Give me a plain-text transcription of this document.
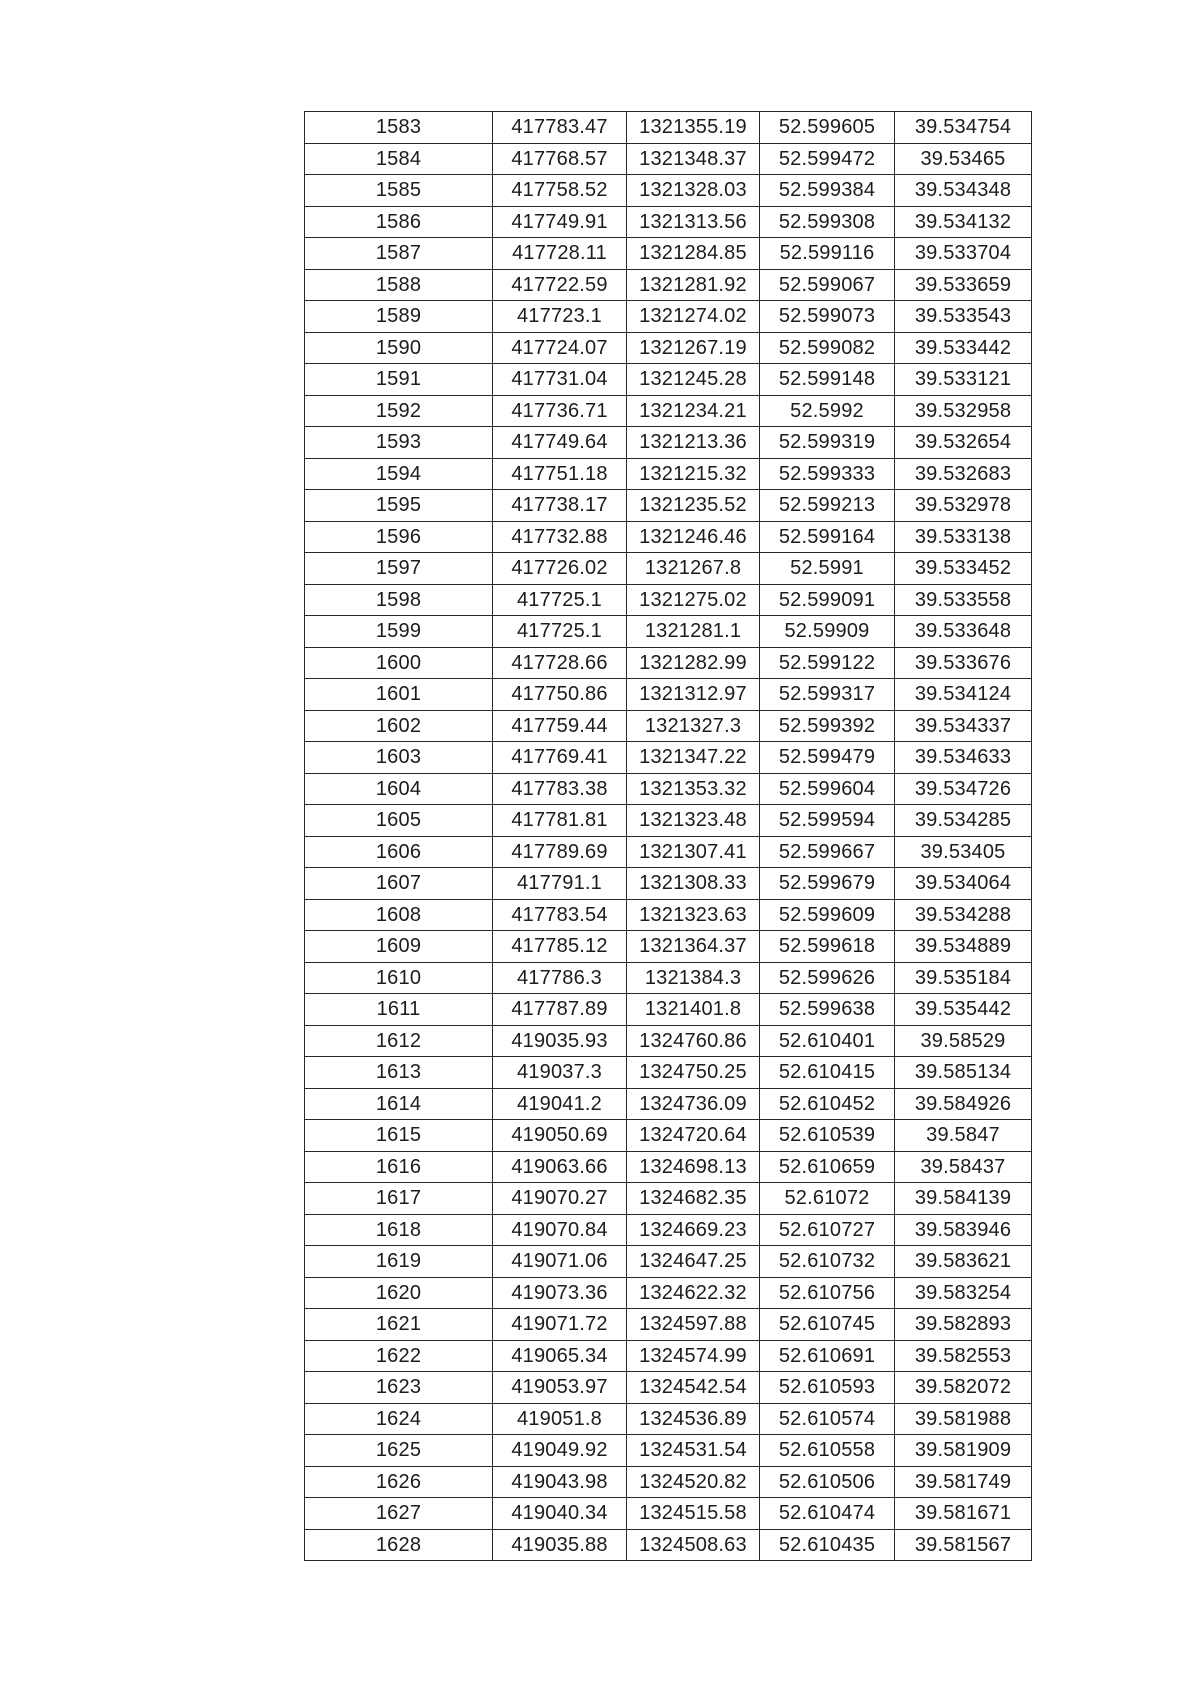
1583	417783.47	1321355.19	52.599605	39.534754
1584	417768.57	1321348.37	52.599472	39.53465
1585	417758.52	1321328.03	52.599384	39.534348
1586	417749.91	1321313.56	52.599308	39.534132
1587	417728.11	1321284.85	52.599116	39.533704
1588	417722.59	1321281.92	52.599067	39.533659
1589	417723.1	1321274.02	52.599073	39.533543
1590	417724.07	1321267.19	52.599082	39.533442
1591	417731.04	1321245.28	52.599148	39.533121
1592	417736.71	1321234.21	52.5992	39.532958
1593	417749.64	1321213.36	52.599319	39.532654
1594	417751.18	1321215.32	52.599333	39.532683
1595	417738.17	1321235.52	52.599213	39.532978
1596	417732.88	1321246.46	52.599164	39.533138
1597	417726.02	1321267.8	52.5991	39.533452
1598	417725.1	1321275.02	52.599091	39.533558
1599	417725.1	1321281.1	52.59909	39.533648
1600	417728.66	1321282.99	52.599122	39.533676
1601	417750.86	1321312.97	52.599317	39.534124
1602	417759.44	1321327.3	52.599392	39.534337
1603	417769.41	1321347.22	52.599479	39.534633
1604	417783.38	1321353.32	52.599604	39.534726
1605	417781.81	1321323.48	52.599594	39.534285
1606	417789.69	1321307.41	52.599667	39.53405
1607	417791.1	1321308.33	52.599679	39.534064
1608	417783.54	1321323.63	52.599609	39.534288
1609	417785.12	1321364.37	52.599618	39.534889
1610	417786.3	1321384.3	52.599626	39.535184
1611	417787.89	1321401.8	52.599638	39.535442
1612	419035.93	1324760.86	52.610401	39.58529
1613	419037.3	1324750.25	52.610415	39.585134
1614	419041.2	1324736.09	52.610452	39.584926
1615	419050.69	1324720.64	52.610539	39.5847
1616	419063.66	1324698.13	52.610659	39.58437
1617	419070.27	1324682.35	52.61072	39.584139
1618	419070.84	1324669.23	52.610727	39.583946
1619	419071.06	1324647.25	52.610732	39.583621
1620	419073.36	1324622.32	52.610756	39.583254
1621	419071.72	1324597.88	52.610745	39.582893
1622	419065.34	1324574.99	52.610691	39.582553
1623	419053.97	1324542.54	52.610593	39.582072
1624	419051.8	1324536.89	52.610574	39.581988
1625	419049.92	1324531.54	52.610558	39.581909
1626	419043.98	1324520.82	52.610506	39.581749
1627	419040.34	1324515.58	52.610474	39.581671
1628	419035.88	1324508.63	52.610435	39.581567
